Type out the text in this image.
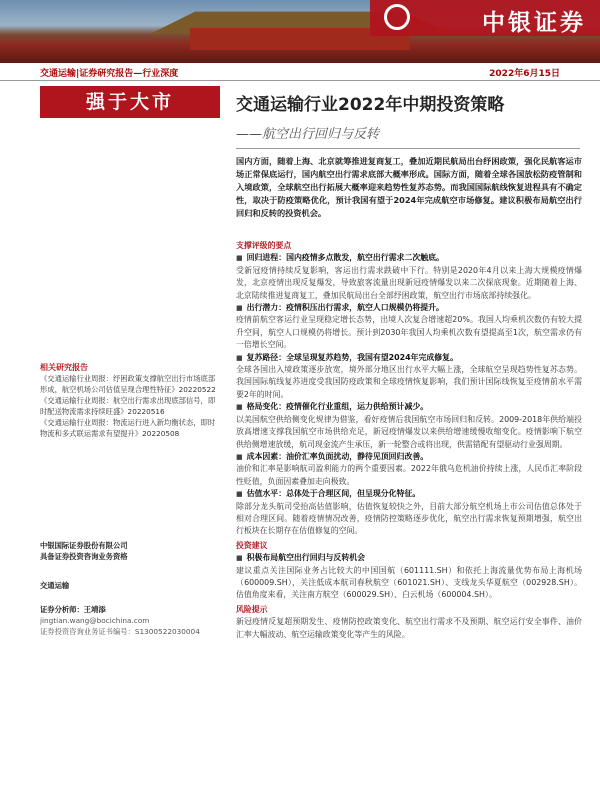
中银证券
交通运输|证券研究报告—行业深度	2022年6月15日
强于大市	交通运输行业2022年中期投资策略
——航空出行回归与反转
国内方面，随着上海、北京就筹推进复商复工，叠加近期民航局出台纾困政策，强化民航客运市场正常保底运行，国内航空出行需求底部大概率形成。国际方面，随着全球各国放松防疫管制和入境政策，全球航空出行拓展大概率迎来趋势性复苏态势。而我国国际航线恢复进程具有不确定性，取决于防疫策略优化，预计我国有望于2024年完成航空市场修复。建议积极布局航空出行回归和反转的投资机会。
支撑评级的要点
■ 回归进程：国内疫情多点散发，航空出行需求二次触底。

受新冠疫情持续反复影响，客运出行需求跌破中下行。特别是2020年4月以来上海大规模疫情爆发，北京疫情出现反复爆发，导致旅客流量出现新冠疫情爆发以来二次探底现象。近期随着上海、北京陆续推进复商复工，叠加民航局出台全部纾困政策，航空出行市场底部持续强化。

■ 出行潜力：疫情积压出行需求，航空人口规模仍将提升。

疫情前航空客运行业呈现稳定增长态势，出境人次复合增速超20%。我国人均乘机次数仍有较大提升空间，航空人口规模仍将增长。预计到2030年我国人均乘机次数有望提高至1次，航空需求仍有一倍增长空间。

■ 复苏路径：全球呈现复苏趋势，我国有望2024年完成修复。

全球各国出入境政策逐步放宽，境外部分地区出行水平大幅上涨，全球航空呈现趋势性复苏态势。我国国际航线复苏进度受我国防疫政策和全球疫情恢复影响，我们预计国际线恢复至疫情前水平需要2年的时间。

■ 格局变化：疫情催化行业重组，运力供给预计减少。

以美国航空供给侧变化规律为借鉴，看好疫情后我国航空市场回归和反转。2009-2018年供给端投放高增速支撑我国航空市场供给充足，新冠疫情爆发以来供给增速缓慢收缩变化。疫情影响下航空供给侧增速放缓，航司现金流产生承压，新一轮整合或将出现，供需错配有望驱动行业强周期。

■ 成本因素：油价汇率负面扰动，静待见顶回归改善。

油价和汇率是影响航司盈利能力的两个重要因素。2022年俄乌危机油价持续上涨，人民币汇率阶段性贬值，负面因素叠加走向极致。

■ 估值水平：总体处于合理区间，但呈现分化特征。

除部分龙头航司受抬高估值影响，估值恢复较快之外，目前大部分航空机场上市公司估值总体处于相对合理区间。随着疫情情况改善，疫情防控策略逐步优化，航空出行需求恢复预期增强，航空出行板块在长期存在估值修复的空间。

投资建议
■ 积极布局航空出行回归与反转机会

建议重点关注国际业务占比较大的中国国航（601111.SH）和依托上海流量优势布局上海机场（600009.SH），关注低成本航司春秋航空（601021.SH）、支线龙头华夏航空（002928.SH）。估值角度来看，关注南方航空（600029.SH）、白云机场（600004.SH）。

风险提示

新冠疫情反复超预期发生、疫情防控政策变化、航空出行需求不及预期、航空运行安全事件、油价汇率大幅波动、航空运输政策变化等产生的风险。

相关研究报告
《交通运输行业周报：纾困政策支撑航空出行市场底部形成，航空机场公司估值呈现合理性特征》20220522
《交通运输行业周报：航空出行需求出现底部信号，即时配送物流需求持续旺盛》20220516
《交通运输行业周报：物流运行进入新均衡状态，即时物流和多式联运需求有望提升》20220508
中银国际证券股份有限公司
具备证券投资咨询业务资格
交通运输
证券分析师：王靖添
jingtian.wang@bocichina.com
证券投资咨询业务证书编号：S1300522030004
